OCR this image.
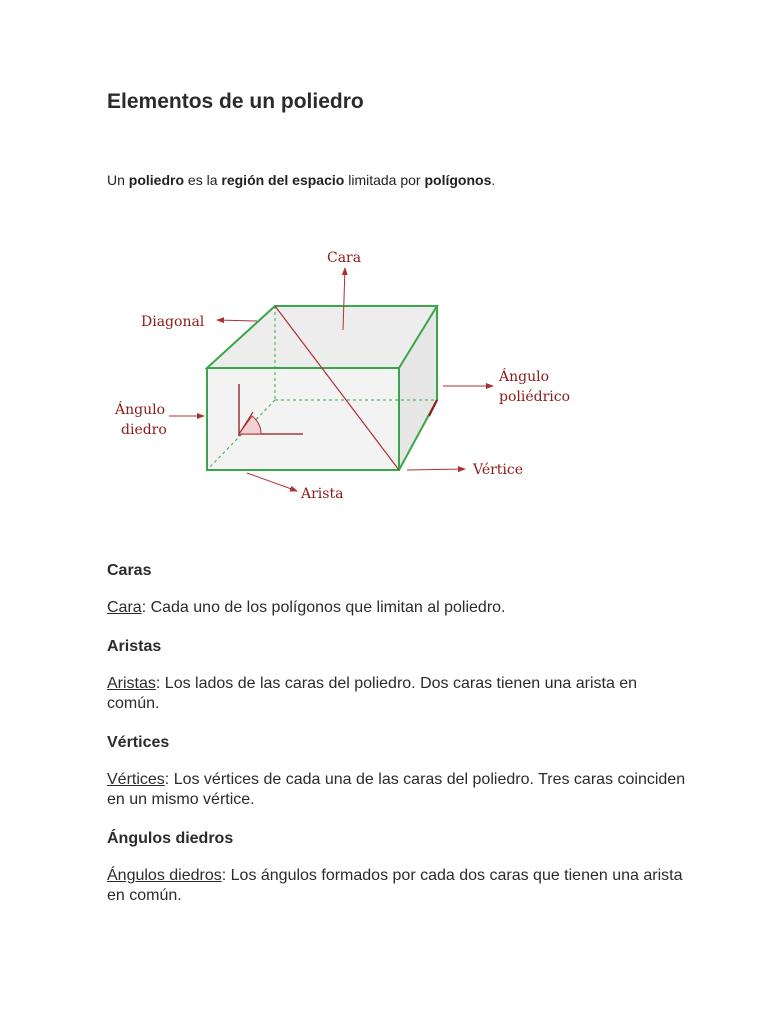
Elementos de un poliedro

Un poliedro es la región del espacio limitada por polígonos.

Cara
Diagonal
Ángulo
poliédrico
Ángulo
diedro
Vértice
Arista
Caras

Cara: Cada uno de los polígonos que limitan al poliedro.

Aristas

Aristas: Los lados de las caras del poliedro. Dos caras tienen una arista en común.

Vértices

Vértices: Los vértices de cada una de las caras del poliedro. Tres caras coinciden en un mismo vértice.

Ángulos diedros

Ángulos diedros: Los ángulos formados por cada dos caras que tienen una arista en común.
